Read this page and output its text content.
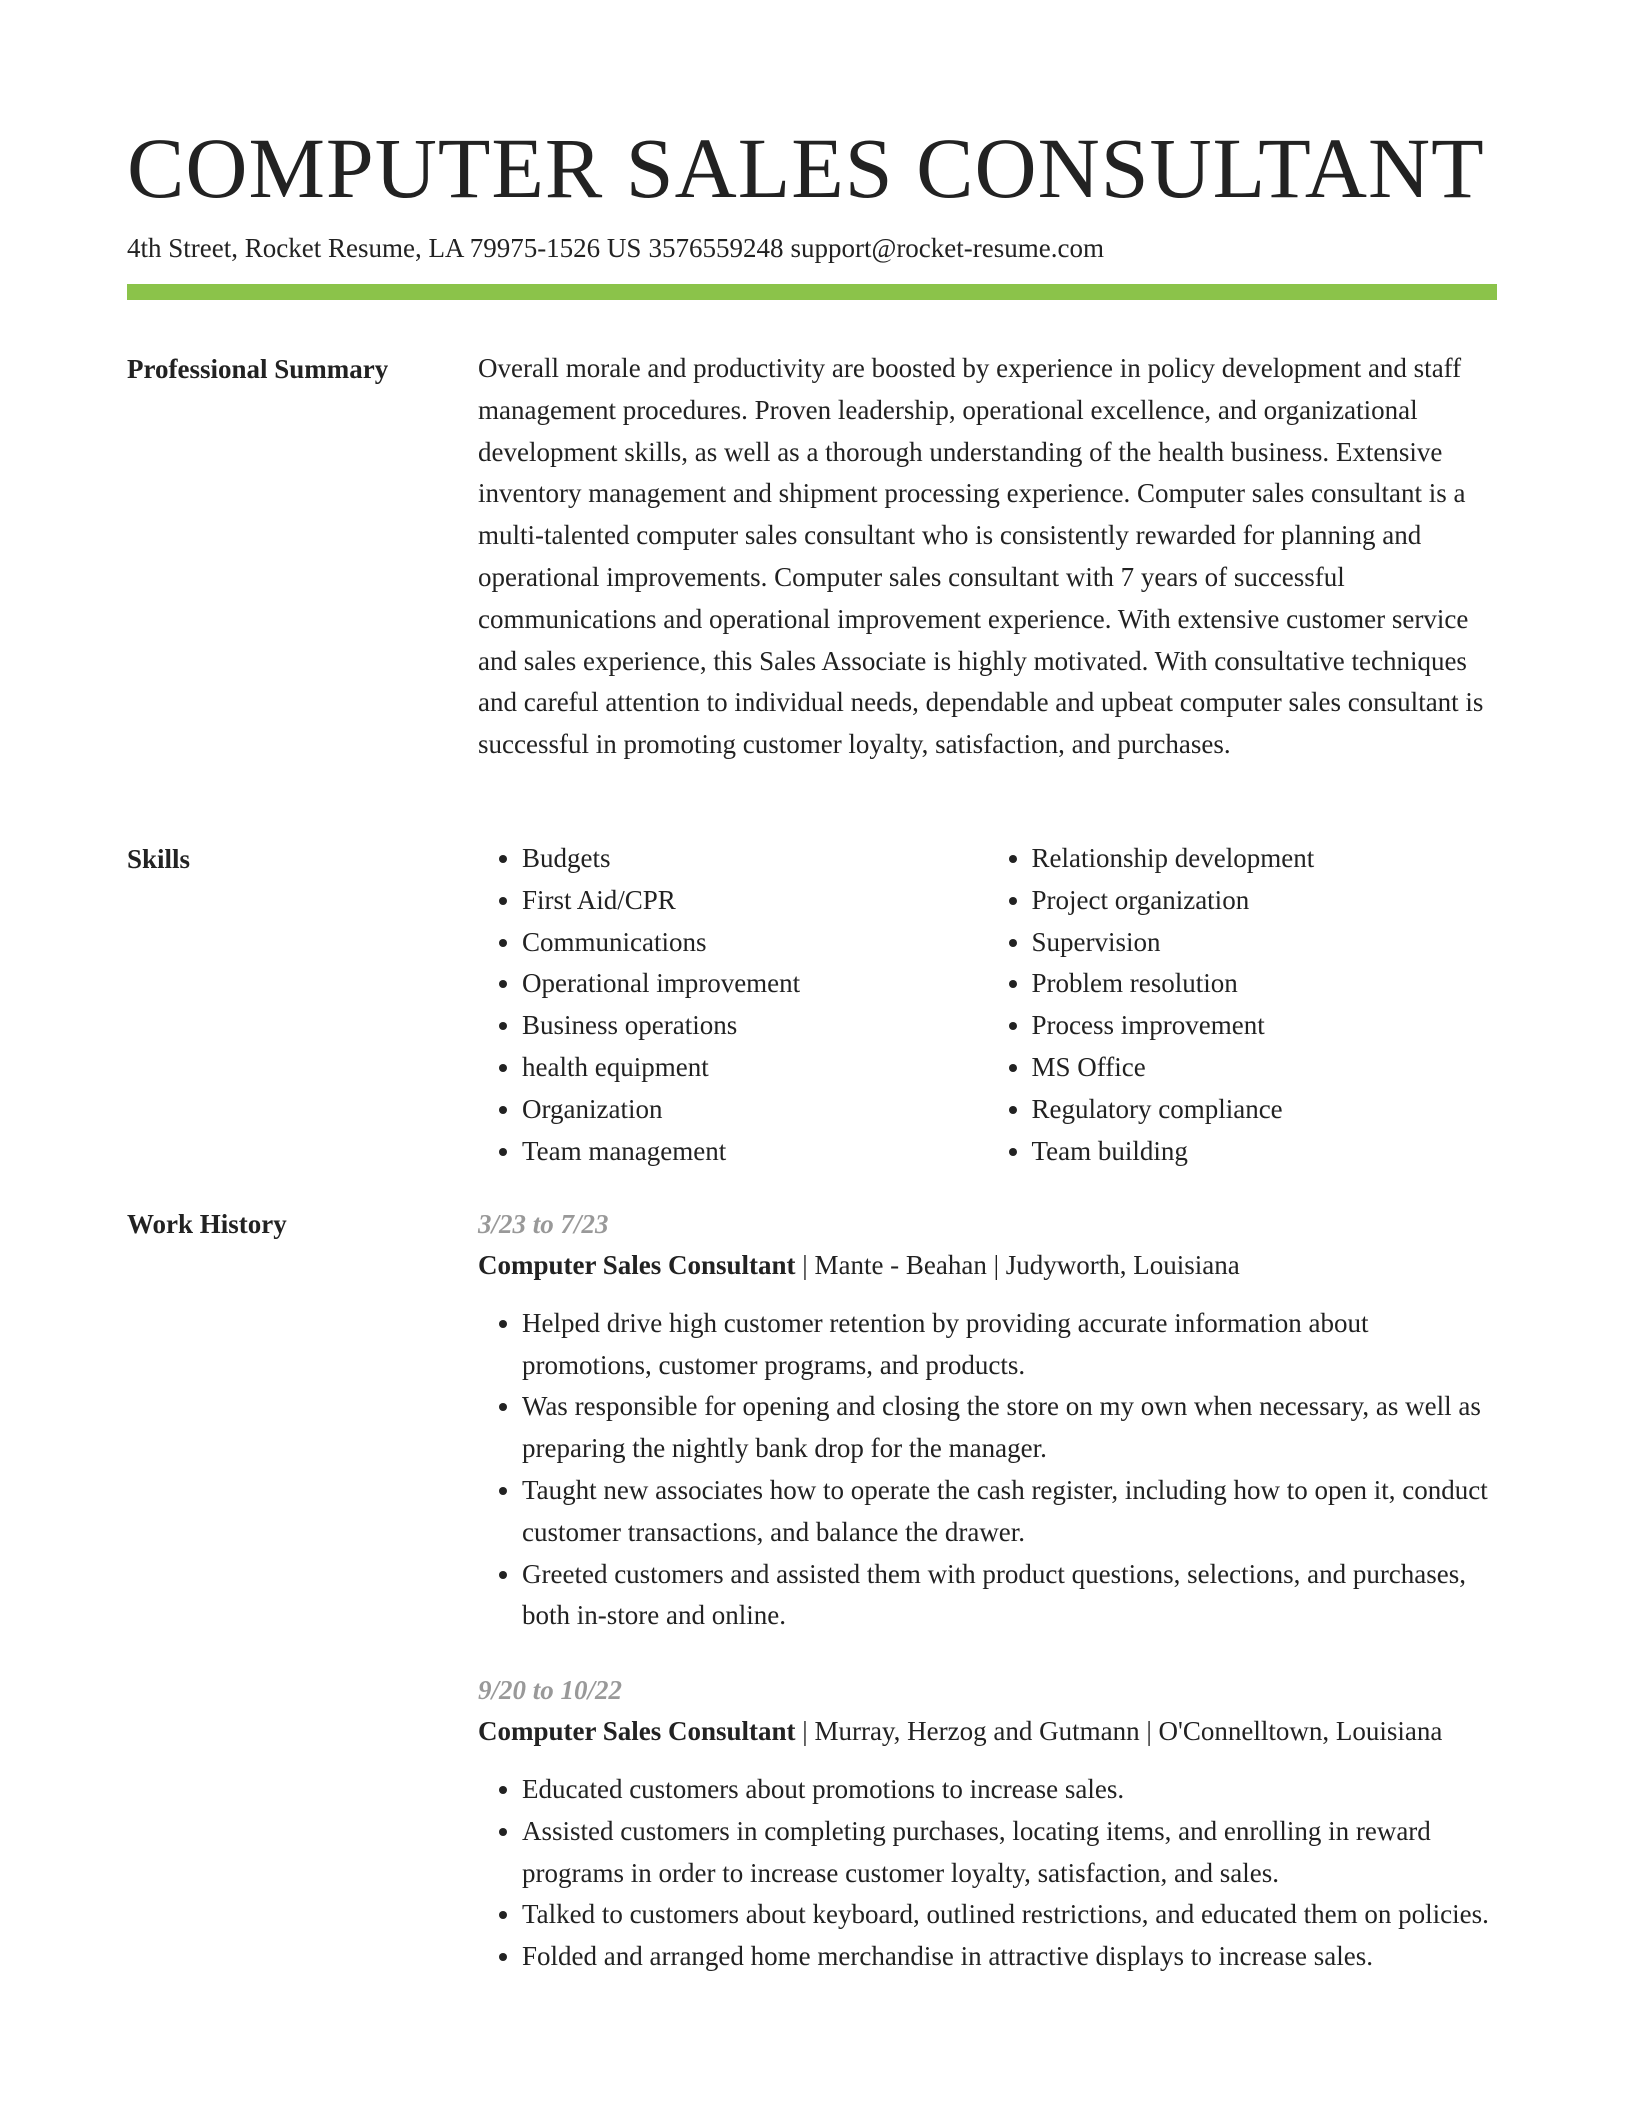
COMPUTER SALES CONSULTANT
4th Street, Rocket Resume, LA 79975-1526 US 3576559248 support@rocket-resume.com
Professional Summary	Overall morale and productivity are boosted by experience in policy development and staff management procedures. Proven leadership, operational excellence, and organizational development skills, as well as a thorough understanding of the health business. Extensive inventory management and shipment processing experience. Computer sales consultant is a multi-talented computer sales consultant who is consistently rewarded for planning and operational improvements. Computer sales consultant with 7 years of successful communications and operational improvement experience. With extensive customer service and sales experience, this Sales Associate is highly motivated. With consultative techniques and careful attention to individual needs, dependable and upbeat computer sales consultant is successful in promoting customer loyalty, satisfaction, and purchases.

Skills
•	Budgets
• First Aid/CPR
• Communications
• Operational improvement
• Business operations
• health equipment
• Organization
• Team management
• Relationship development
• Project organization
• Supervision
• Problem resolution
• Process improvement
• MS Office
• Regulatory compliance
• Team building
Work History	3/23 to 7/23
Computer Sales Consultant | Mante - Beahan | Judyworth, Louisiana
• Helped drive high customer retention by providing accurate information about promotions, customer programs, and products.
• Was responsible for opening and closing the store on my own when necessary, as well as preparing the nightly bank drop for the manager.
• Taught new associates how to operate the cash register, including how to open it, conduct customer transactions, and balance the drawer.
• Greeted customers and assisted them with product questions, selections, and purchases, both in-store and online.
9/20 to 10/22
Computer Sales Consultant | Murray, Herzog and Gutmann | O'Connelltown, Louisiana
• Educated customers about promotions to increase sales.
• Assisted customers in completing purchases, locating items, and enrolling in reward programs in order to increase customer loyalty, satisfaction, and sales.
• Talked to customers about keyboard, outlined restrictions, and educated them on policies.
• Folded and arranged home merchandise in attractive displays to increase sales.
